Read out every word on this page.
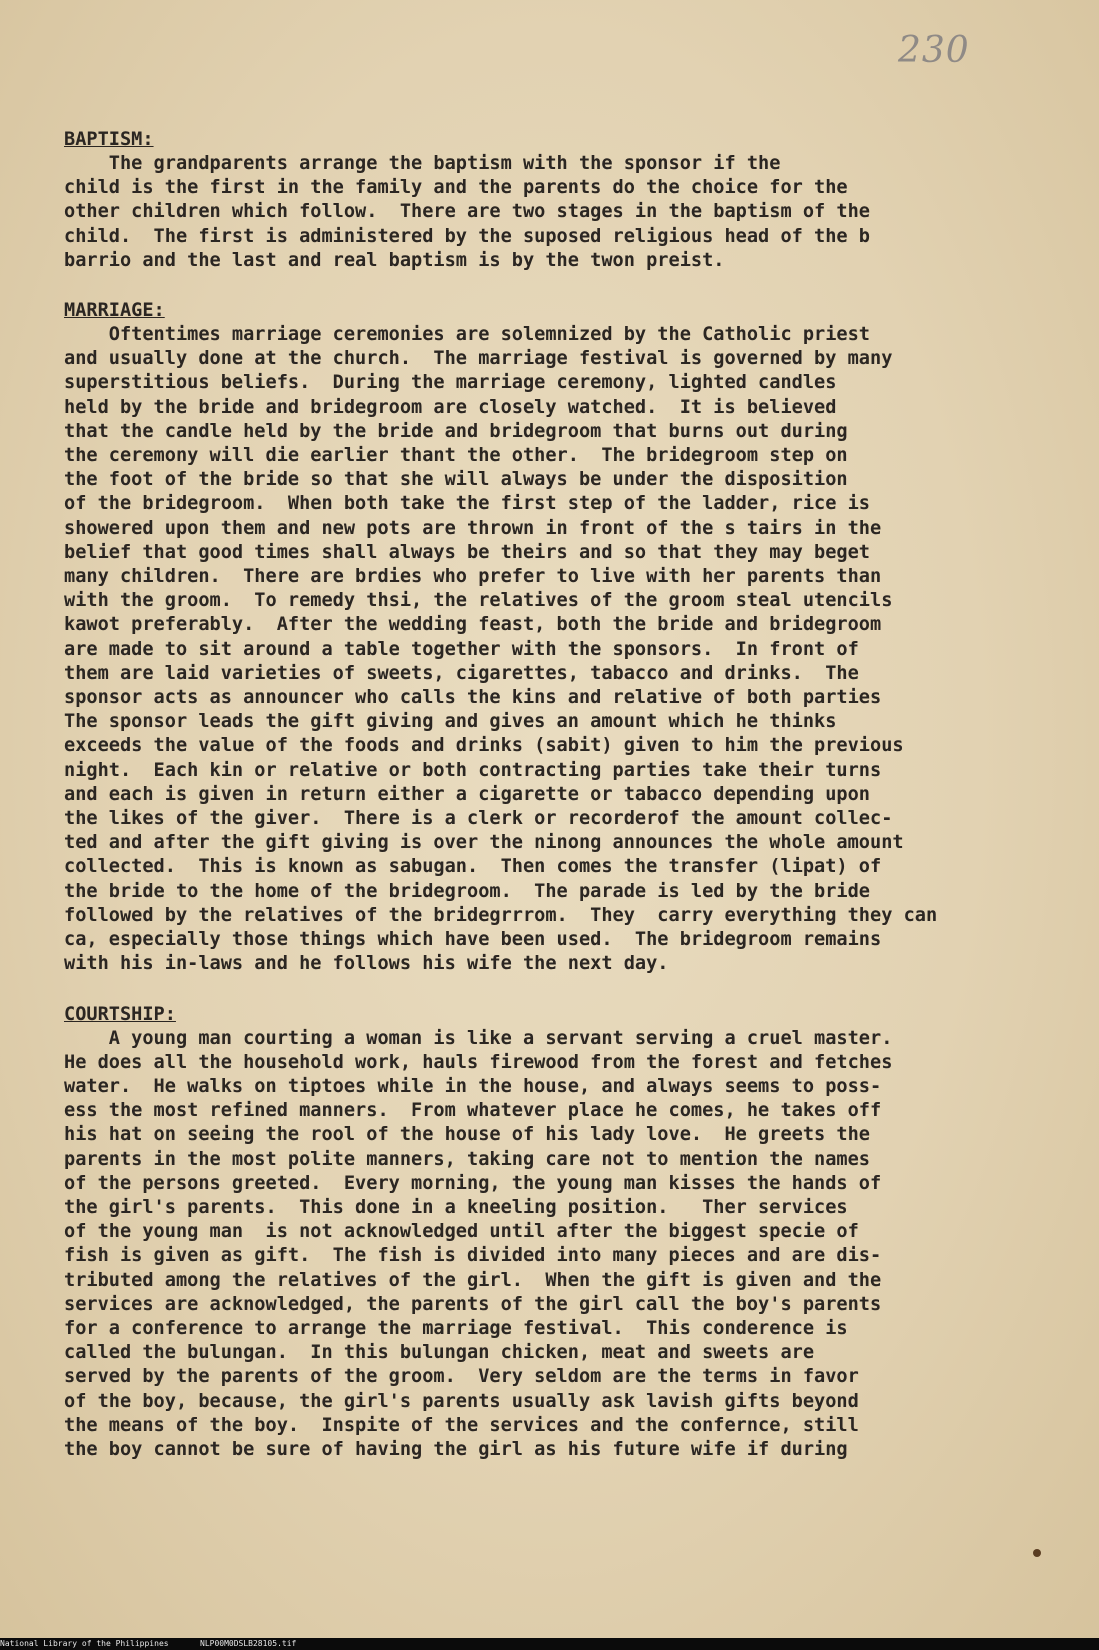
230
BAPTISM:
The grandparents arrange the baptism with the sponsor if the
child is the first in the family and the parents do the choice for the
other children which follow.  There are two stages in the baptism of the
child.  The first is administered by the suposed religious head of the b
barrio and the last and real baptism is by the twon preist.
MARRIAGE:
Oftentimes marriage ceremonies are solemnized by the Catholic priest
and usually done at the church.  The marriage festival is governed by many
superstitious beliefs.  During the marriage ceremony, lighted candles
held by the bride and bridegroom are closely watched.  It is believed
that the candle held by the bride and bridegroom that burns out during
the ceremony will die earlier thant the other.  The bridegroom step on
the foot of the bride so that she will always be under the disposition
of the bridegroom.  When both take the first step of the ladder, rice is
showered upon them and new pots are thrown in front of the s tairs in the
belief that good times shall always be theirs and so that they may beget
many children.  There are brdies who prefer to live with her parents than
with the groom.  To remedy thsi, the relatives of the groom steal utencils
kawot preferably.  After the wedding feast, both the bride and bridegroom
are made to sit around a table together with the sponsors.  In front of
them are laid varieties of sweets, cigarettes, tabacco and drinks.  The
sponsor acts as announcer who calls the kins and relative of both parties
The sponsor leads the gift giving and gives an amount which he thinks
exceeds the value of the foods and drinks (sabit) given to him the previous
night.  Each kin or relative or both contracting parties take their turns
and each is given in return either a cigarette or tabacco depending upon
the likes of the giver.  There is a clerk or recorderof the amount collec-
ted and after the gift giving is over the ninong announces the whole amount
collected.  This is known as sabugan.  Then comes the transfer (lipat) of
the bride to the home of the bridegroom.  The parade is led by the bride
followed by the relatives of the bridegrrrom.  They  carry everything they can
ca, especially those things which have been used.  The bridegroom remains
with his in-laws and he follows his wife the next day.
COURTSHIP:
A young man courting a woman is like a servant serving a cruel master.
He does all the household work, hauls firewood from the forest and fetches
water.  He walks on tiptoes while in the house, and always seems to poss-
ess the most refined manners.  From whatever place he comes, he takes off
his hat on seeing the rool of the house of his lady love.  He greets the
parents in the most polite manners, taking care not to mention the names
of the persons greeted.  Every morning, the young man kisses the hands of
the girl's parents.  This done in a kneeling position.   Ther services
of the young man  is not acknowledged until after the biggest specie of
fish is given as gift.  The fish is divided into many pieces and are dis-
tributed among the relatives of the girl.  When the gift is given and the
services are acknowledged, the parents of the girl call the boy's parents
for a conference to arrange the marriage festival.  This conderence is
called the bulungan.  In this bulungan chicken, meat and sweets are
served by the parents of the groom.  Very seldom are the terms in favor
of the boy, because, the girl's parents usually ask lavish gifts beyond
the means of the boy.  Inspite of the services and the confernce, still
the boy cannot be sure of having the girl as his future wife if during
National Library of the Philippines	NLP00M0DSLB28105.tif
